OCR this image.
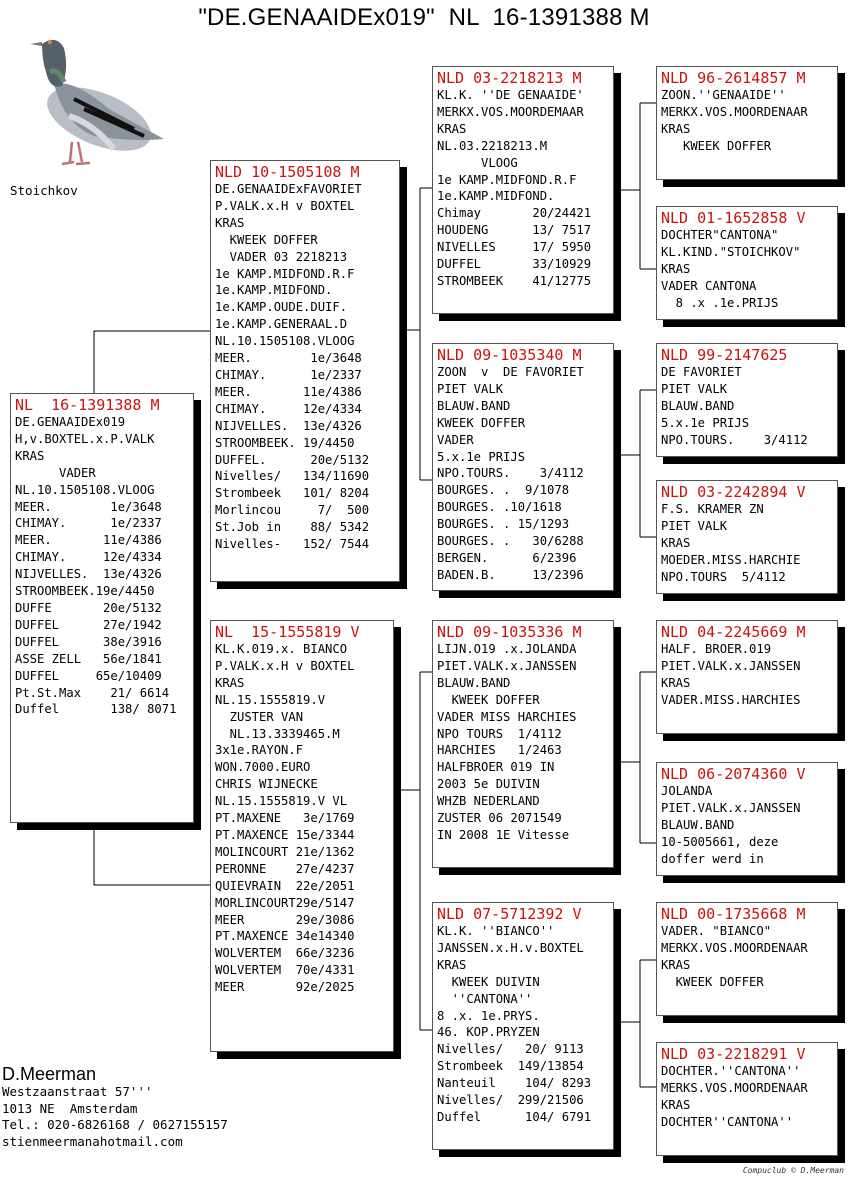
"DE.GENAAIDEx019"  NL  16-1391388 M
Stoichkov
NL  16-1391388 M
DE.GENAAIDEx019
H,v.BOXTEL.x.P.VALK
KRAS
VADER
NL.10.1505108.VLOOG
MEER.        1e/3648
CHIMAY.      1e/2337
MEER.       11e/4386
CHIMAY.     12e/4334
NIJVELLES.  13e/4326
STROOMBEEK.19e/4450
DUFFE       20e/5132
DUFFEL      27e/1942
DUFFEL      38e/3916
ASSE ZELL   56e/1841
DUFFEL     65e/10409
Pt.St.Max    21/ 6614
Duffel       138/ 8071
NLD 10-1505108 M
DE.GENAAIDExFAVORIET
P.VALK.x.H v BOXTEL
KRAS
KWEEK DOFFER
VADER 03 2218213
1e KAMP.MIDFOND.R.F
1e.KAMP.MIDFOND.
1e.KAMP.OUDE.DUIF.
1e.KAMP.GENERAAL.D
NL.10.1505108.VLOOG
MEER.        1e/3648
CHIMAY.      1e/2337
MEER.       11e/4386
CHIMAY.     12e/4334
NIJVELLES.  13e/4326
STROOMBEEK. 19/4450
DUFFEL.      20e/5132
Nivelles/   134/11690
Strombeek   101/ 8204
Morlincou     7/  500
St.Job in    88/ 5342
Nivelles-   152/ 7544
NL  15-1555819 V
KL.K.019.x. BIANCO
P.VALK.x.H v BOXTEL
KRAS
NL.15.1555819.V
ZUSTER VAN
NL.13.3339465.M
3x1e.RAYON.F
WON.7000.EURO
CHRIS WIJNECKE
NL.15.1555819.V VL
PT.MAXENE   3e/1769
PT.MAXENCE 15e/3344
MOLINCOURT 21e/1362
PERONNE    27e/4237
QUIEVRAIN  22e/2051
MORLINCOURT29e/5147
MEER       29e/3086
PT.MAXENCE 34e14340
WOLVERTEM  66e/3236
WOLVERTEM  70e/4331
MEER       92e/2025
NLD 03-2218213 M
KL.K. ''DE GENAAIDE'
MERKX.VOS.MOORDEMAAR
KRAS
NL.03.2218213.M
VLOOG
1e KAMP.MIDFOND.R.F
1e.KAMP.MIDFOND.
Chimay       20/24421
HOUDENG      13/ 7517
NIVELLES     17/ 5950
DUFFEL       33/10929
STROMBEEK    41/12775
NLD 09-1035340 M
ZOON  v  DE FAVORIET
PIET VALK
BLAUW.BAND
KWEEK DOFFER
VADER
5.x.1e PRIJS
NPO.TOURS.    3/4112
BOURGES. .  9/1078
BOURGES. .10/1618
BOURGES. . 15/1293
BOURGES. .   30/6288
BERGEN.      6/2396
BADEN.B.     13/2396
NLD 09-1035336 M
LIJN.O19 .x.JOLANDA
PIET.VALK.x.JANSSEN
BLAUW.BAND
KWEEK DOFFER
VADER MISS HARCHIES
NPO TOURS  1/4112
HARCHIES   1/2463
HALFBROER 019 IN
2003 5e DUIVIN
WHZB NEDERLAND
ZUSTER 06 2071549
IN 2008 1E Vitesse
NLD 07-5712392 V
KL.K. ''BIANCO''
JANSSEN.x.H.v.BOXTEL
KRAS
KWEEK DUIVIN
''CANTONA''
8 .x. 1e.PRYS.
46. KOP.PRYZEN
Nivelles/   20/ 9113
Strombeek  149/13854
Nanteuil    104/ 8293
Nivelles/  299/21506
Duffel      104/ 6791
NLD 96-2614857 M
ZOON.''GENAAIDE''
MERKX.VOS.MOORDENAAR
KRAS
KWEEK DOFFER
NLD 01-1652858 V
DOCHTER"CANTONA"
KL.KIND."STOICHKOV"
KRAS
VADER CANTONA
8 .x .1e.PRIJS
NLD 99-2147625
DE FAVORIET
PIET VALK
BLAUW.BAND
5.x.1e PRIJS
NPO.TOURS.    3/4112
NLD 03-2242894 V
F.S. KRAMER ZN
PIET VALK
KRAS
MOEDER.MISS.HARCHIE
NPO.TOURS  5/4112
NLD 04-2245669 M
HALF. BROER.019
PIET.VALK.x.JANSSEN
KRAS
VADER.MISS.HARCHIES
NLD 06-2074360 V
JOLANDA
PIET.VALK.x.JANSSEN
BLAUW.BAND
10-5005661, deze
doffer werd in
NLD 00-1735668 M
VADER. "BIANCO"
MERKX.VOS.MOORDENAAR
KRAS
KWEEK DOFFER
NLD 03-2218291 V
DOCHTER.''CANTONA''
MERKS.VOS.MOORDENAAR
KRAS
DOCHTER''CANTONA''
D.Meerman
Westzaanstraat 57'''
1013 NE  Amsterdam
Tel.: 020-6826168 / 0627155157
stienmeermanahotmail.com
Compuclub © D.Meerman
